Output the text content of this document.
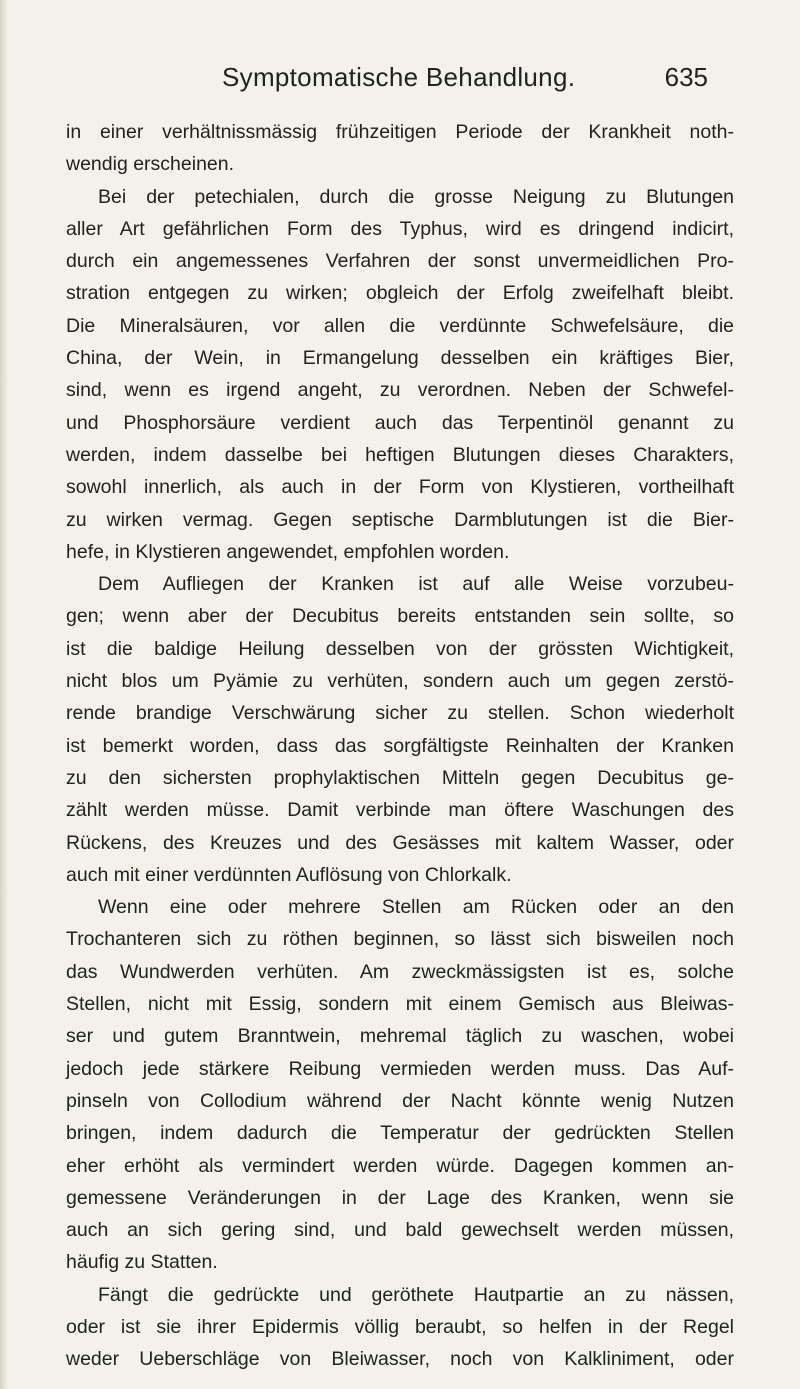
Symptomatische Behandlung.	635
in einer verhältnissmässig frühzeitigen Periode der Krankheit noth-
wendig erscheinen.
Bei der petechialen, durch die grosse Neigung zu Blutungen
aller Art gefährlichen Form des Typhus, wird es dringend indicirt,
durch ein angemessenes Verfahren der sonst unvermeidlichen Pro-
stration entgegen zu wirken; obgleich der Erfolg zweifelhaft bleibt.
Die Mineralsäuren, vor allen die verdünnte Schwefelsäure, die
China, der Wein, in Ermangelung desselben ein kräftiges Bier,
sind, wenn es irgend angeht, zu verordnen. Neben der Schwefel-
und Phosphorsäure verdient auch das Terpentinöl genannt zu
werden, indem dasselbe bei heftigen Blutungen dieses Charakters,
sowohl innerlich, als auch in der Form von Klystieren, vortheilhaft
zu wirken vermag. Gegen septische Darmblutungen ist die Bier-
hefe, in Klystieren angewendet, empfohlen worden.
Dem Aufliegen der Kranken ist auf alle Weise vorzubeu-
gen; wenn aber der Decubitus bereits entstanden sein sollte, so
ist die baldige Heilung desselben von der grössten Wichtigkeit,
nicht blos um Pyämie zu verhüten, sondern auch um gegen zerstö-
rende brandige Verschwärung sicher zu stellen. Schon wiederholt
ist bemerkt worden, dass das sorgfältigste Reinhalten der Kranken
zu den sichersten prophylaktischen Mitteln gegen Decubitus ge-
zählt werden müsse. Damit verbinde man öftere Waschungen des
Rückens, des Kreuzes und des Gesässes mit kaltem Wasser, oder
auch mit einer verdünnten Auflösung von Chlorkalk.
Wenn eine oder mehrere Stellen am Rücken oder an den
Trochanteren sich zu röthen beginnen, so lässt sich bisweilen noch
das Wundwerden verhüten. Am zweckmässigsten ist es, solche
Stellen, nicht mit Essig, sondern mit einem Gemisch aus Bleiwas-
ser und gutem Branntwein, mehremal täglich zu waschen, wobei
jedoch jede stärkere Reibung vermieden werden muss. Das Auf-
pinseln von Collodium während der Nacht könnte wenig Nutzen
bringen, indem dadurch die Temperatur der gedrückten Stellen
eher erhöht als vermindert werden würde. Dagegen kommen an-
gemessene Veränderungen in der Lage des Kranken, wenn sie
auch an sich gering sind, und bald gewechselt werden müssen,
häufig zu Statten.
Fängt die gedrückte und geröthete Hautpartie an zu nässen,
oder ist sie ihrer Epidermis völlig beraubt, so helfen in der Regel
weder Ueberschläge von Bleiwasser, noch von Kalkliniment, oder
